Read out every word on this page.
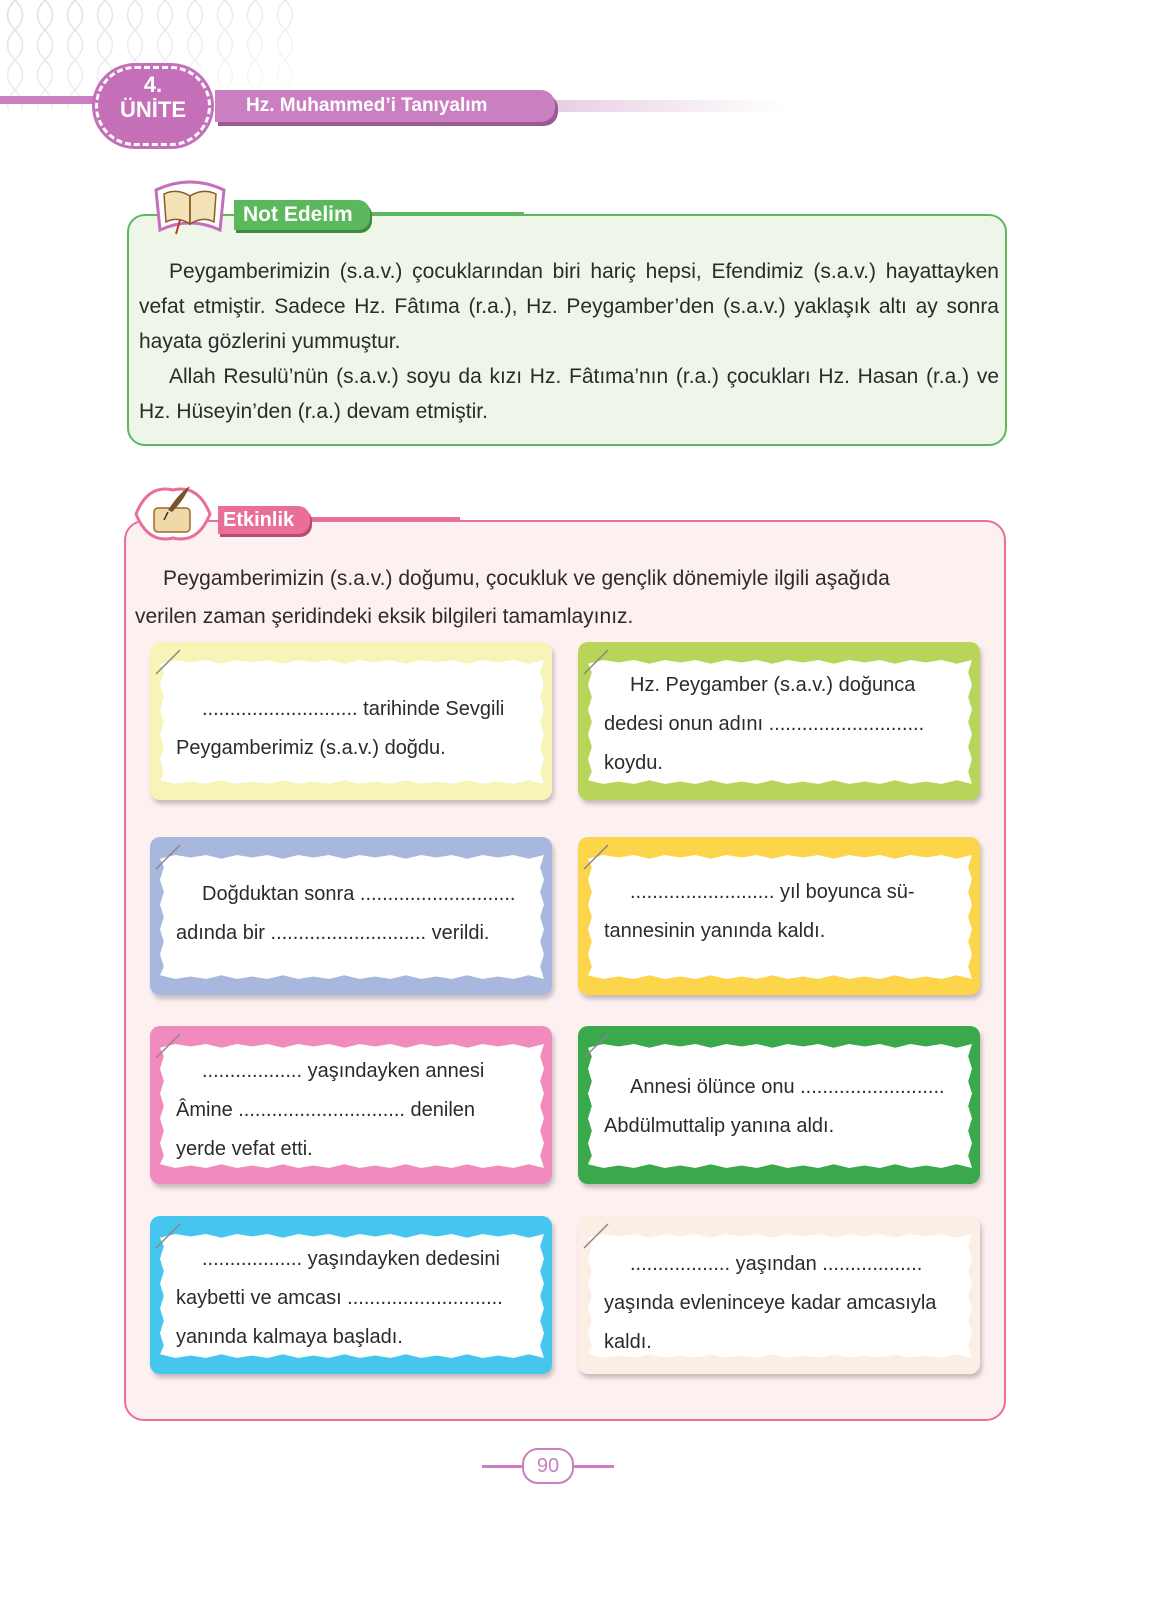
Hz. Muhammed’i Tanıyalım
4.
ÜNİTE
Not Edelim

Peygamberimizin (s.a.v.) çocuklarından biri hariç hepsi, Efendimiz (s.a.v.) hayattayken vefat etmiştir. Sadece Hz. Fâtıma (r.a.), Hz. Peygamber’den (s.a.v.) yaklaşık altı ay sonra hayata gözlerini yummuştur.

Allah Resulü’nün (s.a.v.) soyu da kızı Hz. Fâtıma’nın (r.a.) çocukları Hz. Hasan (r.a.) ve Hz. Hüseyin’den (r.a.) devam etmiştir.

Etkinlik
Peygamberimizin (s.a.v.) doğumu, çocukluk ve gençlik dönemiyle ilgili aşağıda
verilen zaman şeridindeki eksik bilgileri tamamlayınız.
............................ tarihinde Sevgili
Peygamberimiz (s.a.v.) doğdu.
Hz. Peygamber (s.a.v.) doğunca
dedesi onun adını ............................
koydu.
Doğduktan sonra ............................
adında bir ............................ verildi.
.......................... yıl boyunca sü-
tannesinin yanında kaldı.
.................. yaşındayken annesi
Âmine .............................. denilen
yerde vefat etti.
Annesi ölünce onu ..........................
Abdülmuttalip yanına aldı.
.................. yaşındayken dedesini
kaybetti ve amcası ............................
yanında kalmaya başladı.
.................. yaşından ..................
yaşında evleninceye kadar amcasıyla
kaldı.
90
